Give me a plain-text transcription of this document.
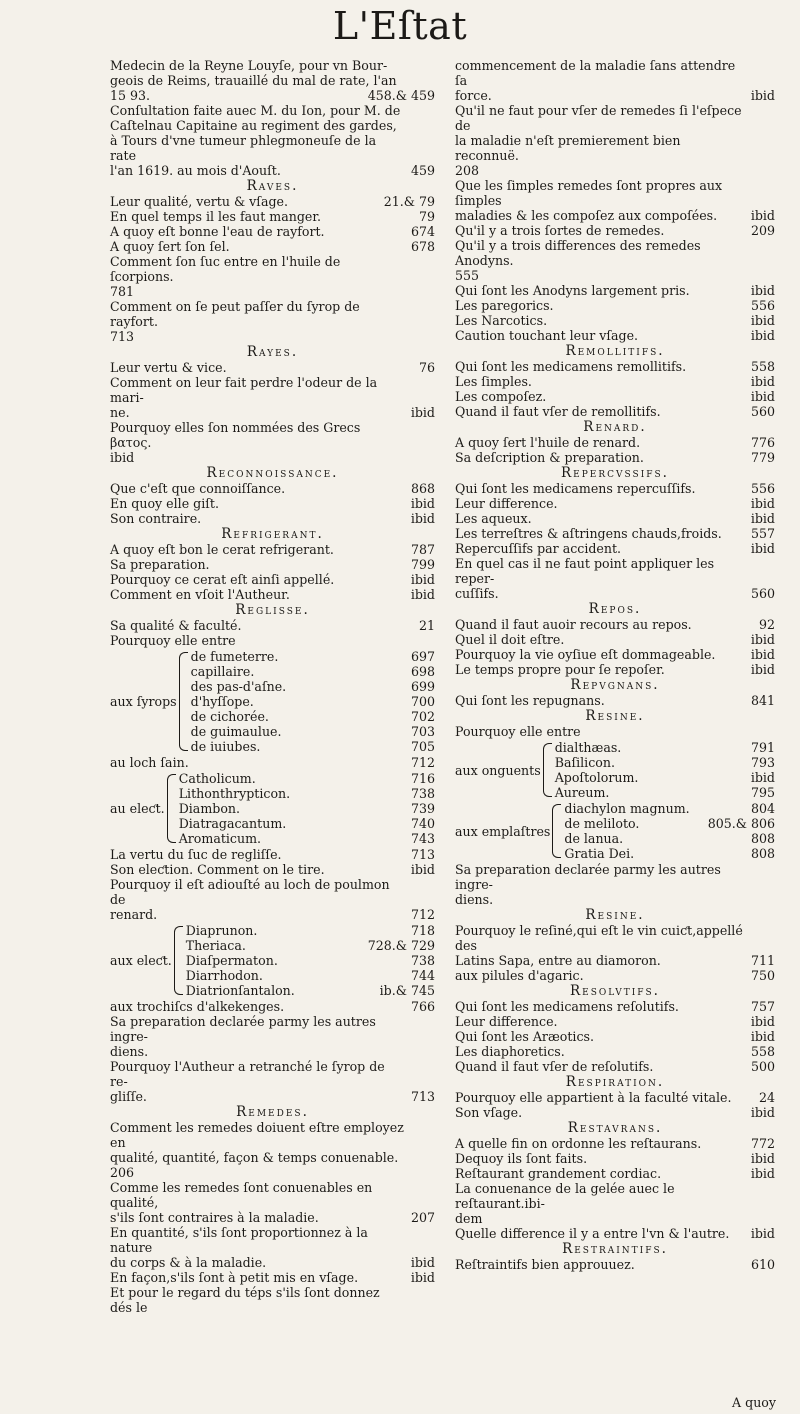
L'Eſtat
Medecin de la Reyne Louyſe, pour vn Bour-
geois de Reims, trauaillé du mal de rate, l'an
15 93.	458.& 459
Conſultation faite auec M. du Ion, pour M. de
Caſtelnau Capitaine au regiment des gardes,
à Tours d'vne tumeur phlegmoneuſe de la rate
l'an 1619. au mois d'Aouſt.	459
Raves.
Leur qualité, vertu & vſage.	21.& 79
En quel temps il les faut manger.	79
A quoy eſt bonne l'eau de rayfort.	674
A quoy ſert ſon ſel.	678
Comment ſon ſuc entre en l'huile de ſcorpions.
781
Comment on ſe peut paſſer du ſyrop de rayfort.
713
Rayes.
Leur vertu & vice.	76
Comment on leur fait perdre l'odeur de la mari-
ne.	ibid
Pourquoy elles ſon nommées des Grecs βατος.
ibid
Reconnoissance.
Que c'eſt que connoiſſance.	868
En quoy elle giſt.	ibid
Son contraire.	ibid
Refrigerant.
A quoy eſt bon le cerat refrigerant.	787
Sa preparation.	799
Pourquoy ce cerat eſt ainſi appellé.	ibid
Comment en vſoit l'Autheur.	ibid
Reglisse.
Sa qualité & faculté.	21
Pourquoy elle entre
aux ſyrops
de fumeterre.	697
capillaire.	698
des pas-d'aſne.	699
d'hyſſope.	700
de cichorée.	702
de guimaulue.	703
de iuiubes.	705
au loch ſain.	712
au eleƈt.
Catholicum.	716
Lithonthrypticon.	738
Diambon.	739
Diatragacantum.	740
Aromaticum.	743
La vertu du ſuc de regliſſe.	713
Son eleƈtion. Comment on le tire.	ibid
Pourquoy il eſt adiouſté au loch de poulmon de
renard.	712
aux eleƈt.
Diaprunon.	718
Theriaca.	728.& 729
Diaſpermaton.	738
Diarrhodon.	744
Diatrionſantalon.	ib.& 745
aux trochiſcs d'alkekenges.	766
Sa preparation declarée parmy les autres ingre-
diens.
Pourquoy l'Autheur a retranché le ſyrop de re-
gliſſe.	713
Remedes.
Comment les remedes doiuent eſtre employez en
qualité, quantité, façon & temps conuenable.
206
Comme les remedes ſont conuenables en qualité,
s'ils ſont contraires à la maladie.	207
En quantité, s'ils ſont proportionnez à la nature
du corps & à la maladie.	ibid
En façon,s'ils ſont à petit mis en vſage.	ibid
Et pour le regard du téps s'ils ſont donnez dés le
commencement de la maladie ſans attendre ſa
force.	ibid
Qu'il ne faut pour vſer de remedes ſi l'eſpece de
la maladie n'eſt premierement bien reconnuë.
208
Que les ſimples remedes ſont propres aux ſimples
maladies & les compoſez aux compoſées.	ibid
Qu'il y a trois ſortes de remedes.	209
Qu'il y a trois differences des remedes Anodyns.
555
Qui ſont les Anodyns largement pris.	ibid
Les paregorics.	556
Les Narcotics.	ibid
Caution touchant leur vſage.	ibid
Remollitifs.
Qui ſont les medicamens remollitifs.	558
Les ſimples.	ibid
Les compoſez.	ibid
Quand il faut vſer de remollitifs.	560
Renard.
A quoy ſert l'huile de renard.	776
Sa deſcription & preparation.	779
Repercvssifs.
Qui ſont les medicamens repercuſſifs.	556
Leur difference.	ibid
Les aqueux.	ibid
Les terreſtres & aſtringens chauds,froids.	557
Repercuſſifs par accident.	ibid
En quel cas il ne faut point appliquer les reper-
cuſſifs.	560
Repos.
Quand il faut auoir recours au repos.	92
Quel il doit eſtre.	ibid
Pourquoy la vie oyſiue eſt dommageable.	ibid
Le temps propre pour ſe repoſer.	ibid
Repvgnans.
Qui ſont les repugnans.	841
Resine.
Pourquoy elle entre
aux onguents
dialthæas.	791
Baſilicon.	793
Apoſtolorum.	ibid
Aureum.	795
aux emplaſtres
diachylon magnum.	804
de meliloto.	805.& 806
de lanua.	808
Gratia Dei.	808
Sa preparation declarée parmy les autres ingre-
diens.
Resine.
Pourquoy le reſiné,qui eſt le vin cuiƈt,appellé des
Latins Sapa, entre au diamoron.	711
aux pilules d'agaric.	750
Resolvtifs.
Qui ſont les medicamens reſolutifs.	757
Leur difference.	ibid
Qui ſont les Aræotics.	ibid
Les diaphoretics.	558
Quand il faut vſer de reſolutifs.	500
Respiration.
Pourquoy elle appartient à la faculté vitale.	24
Son vſage.	ibid
Restavrans.
A quelle fin on ordonne les reſtaurans.	772
Dequoy ils ſont faits.	ibid
Reſtaurant grandement cordiac.	ibid
La conuenance de la gelée auec le reſtaurant.ibi-
dem
Quelle difference il y a entre l'vn & l'autre.	ibid
Restraintifs.
Reſtraintifs bien approuuez.	610
A quoy
